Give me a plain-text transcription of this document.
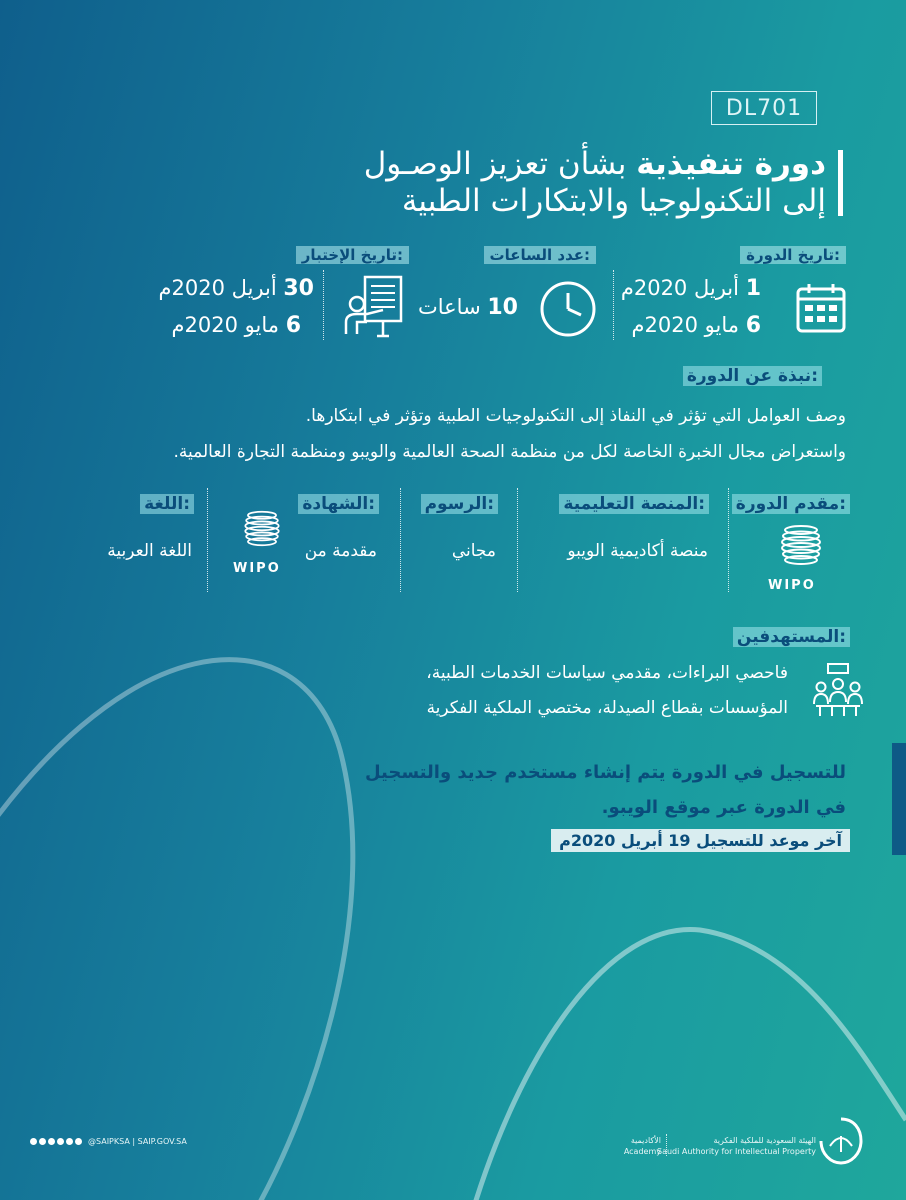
DL701
دورة تنفيذية بشأن تعزيز الوصـول
إلى التكنولوجيا والابتكارات الطبية
تاريخ الدورة:
1 أبريل 2020م
6 مايو 2020م
عدد الساعات:
10 ساعات
تاريخ الإختبار:
30 أبريل 2020م
6 مايو 2020م
نبذة عن الدورة:
وصف العوامل التي تؤثر في النفاذ إلى التكنولوجيات الطبية وتؤثر في ابتكارها.
واستعراض مجال الخبرة الخاصة لكل من منظمة الصحة العالمية والويبو ومنظمة التجارة العالمية.
مقدم الدورة:
WIPO
المنصة التعليمية:
منصة أكاديمية الويبو
الرسوم:
مجاني
الشهادة:
مقدمة من
WIPO
اللغة:
اللغة العربية
المستهدفين:
فاحصي البراءات، مقدمي سياسات الخدمات الطبية،
المؤسسات بقطاع الصيدلة، مختصي الملكية الفكرية
للتسجيل في الدورة يتم إنشاء مستخدم جديد والتسجيل
في الدورة عبر موقع الويبو.
آخر موعد للتسجيل 19 أبريل 2020م
@SAIPKSA | SAIP.GOV.SA	الأكاديمية
Academy
الهيئة السعودية للملكية الفكرية
Saudi Authority for Intellectual Property
